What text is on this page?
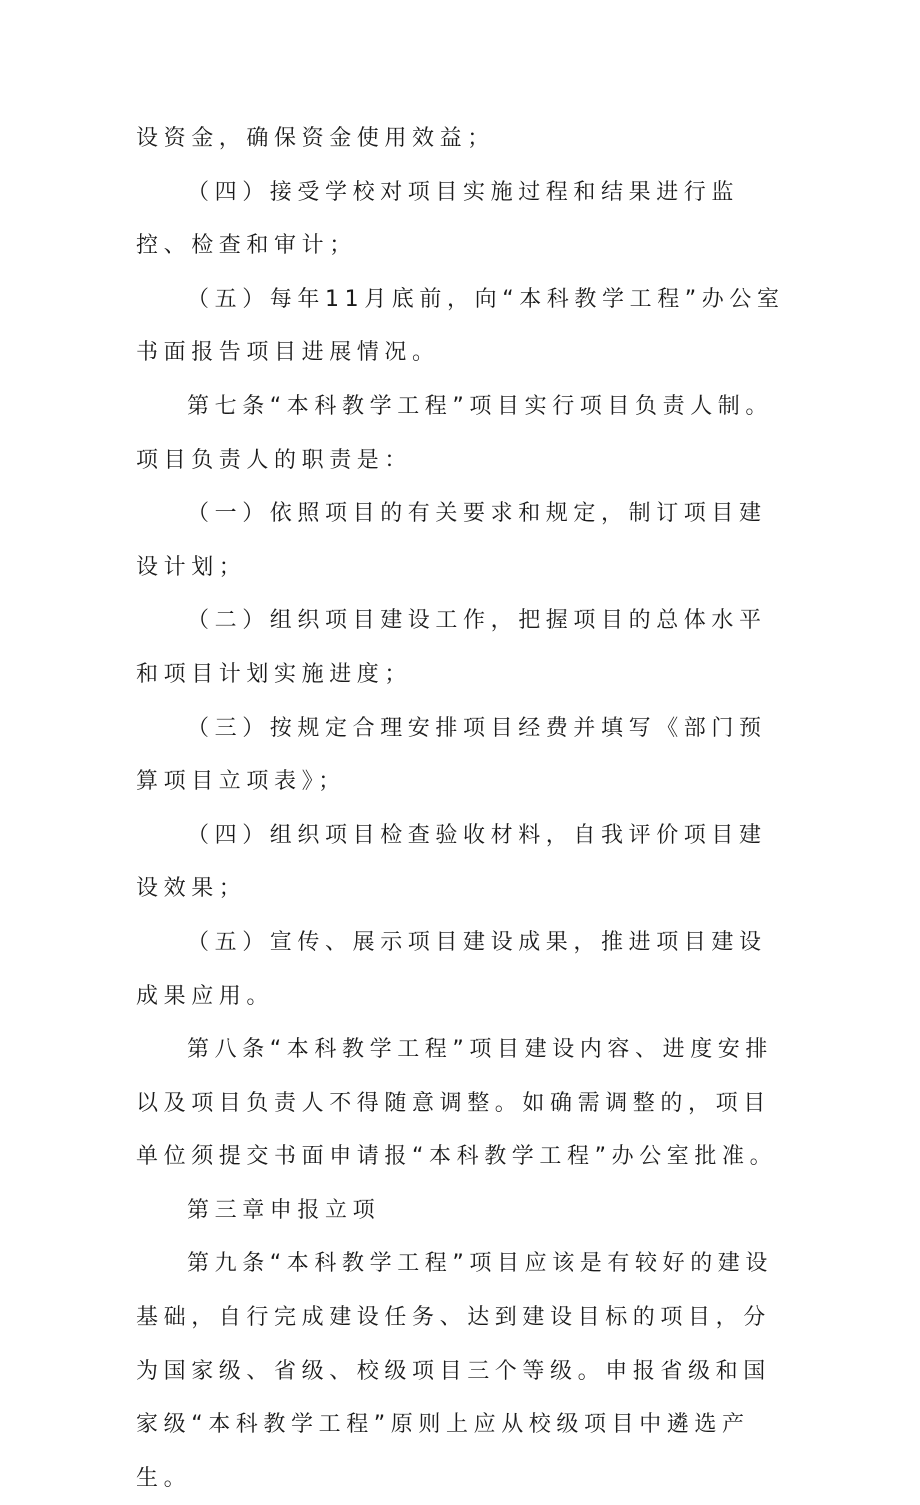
设资金，确保资金使用效益；

（四）接受学校对项目实施过程和结果进行监控、检查和审计；

（五）每年11月底前，向“本科教学工程”办公室书面报告项目进展情况。

第七条“本科教学工程”项目实行项目负责人制。项目负责人的职责是：

（一）依照项目的有关要求和规定，制订项目建设计划；

（二）组织项目建设工作，把握项目的总体水平和项目计划实施进度；

（三）按规定合理安排项目经费并填写《部门预算项目立项表》；

（四）组织项目检查验收材料，自我评价项目建设效果；

（五）宣传、展示项目建设成果，推进项目建设成果应用。

第八条“本科教学工程”项目建设内容、进度安排以及项目负责人不得随意调整。如确需调整的，项目单位须提交书面申请报“本科教学工程”办公室批准。

第三章申报立项

第九条“本科教学工程”项目应该是有较好的建设基础，自行完成建设任务、达到建设目标的项目，分为国家级、省级、校级项目三个等级。申报省级和国家级“本科教学工程”原则上应从校级项目中遴选产生。
